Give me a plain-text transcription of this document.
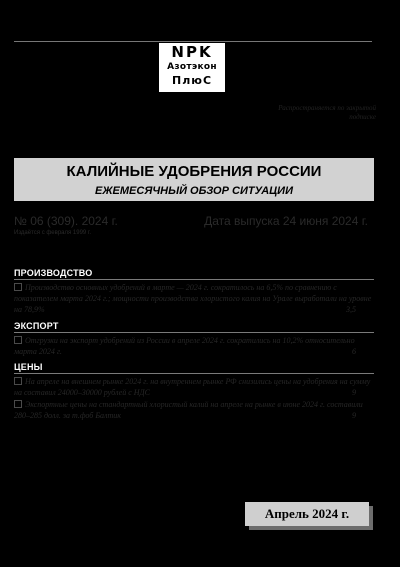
NPK
Азотэкон
ПлюС
Распространяется по закрытой подписке
КАЛИЙНЫЕ УДОБРЕНИЯ РОССИИ
ЕЖЕМЕСЯЧНЫЙ ОБЗОР СИТУАЦИИ
№ 06 (309). 2024 г.	Дата выпуска 24 июня 2024 г.
Издаётся с февраля 1999 г.
ПРОИЗВОДСТВО
Производство основных удобрений в марте — 2024 г. сократилось на 6,5% по сравнению с показателем марта 2024 г.; мощности производства хлористого калия на Урале выработали на уровне на 78,9%	3,5
ЭКСПОРТ
Отгрузки на экспорт удобрений из России в апреле 2024 г. сократились на 10,2% относительно марта 2024 г.	6
ЦЕНЫ
На апреле на внешнем рынке 2024 г. на внутреннем рынке РФ снизились цены на удобрения на сумму на составил 24000–30000 рублей с НДС	9
Экспортные цены на стандартный хлористый калий на апреле на рынке в июне 2024 г. составили 280–285 долл. за т.фоб Балтик	9
Апрель 2024 г.
